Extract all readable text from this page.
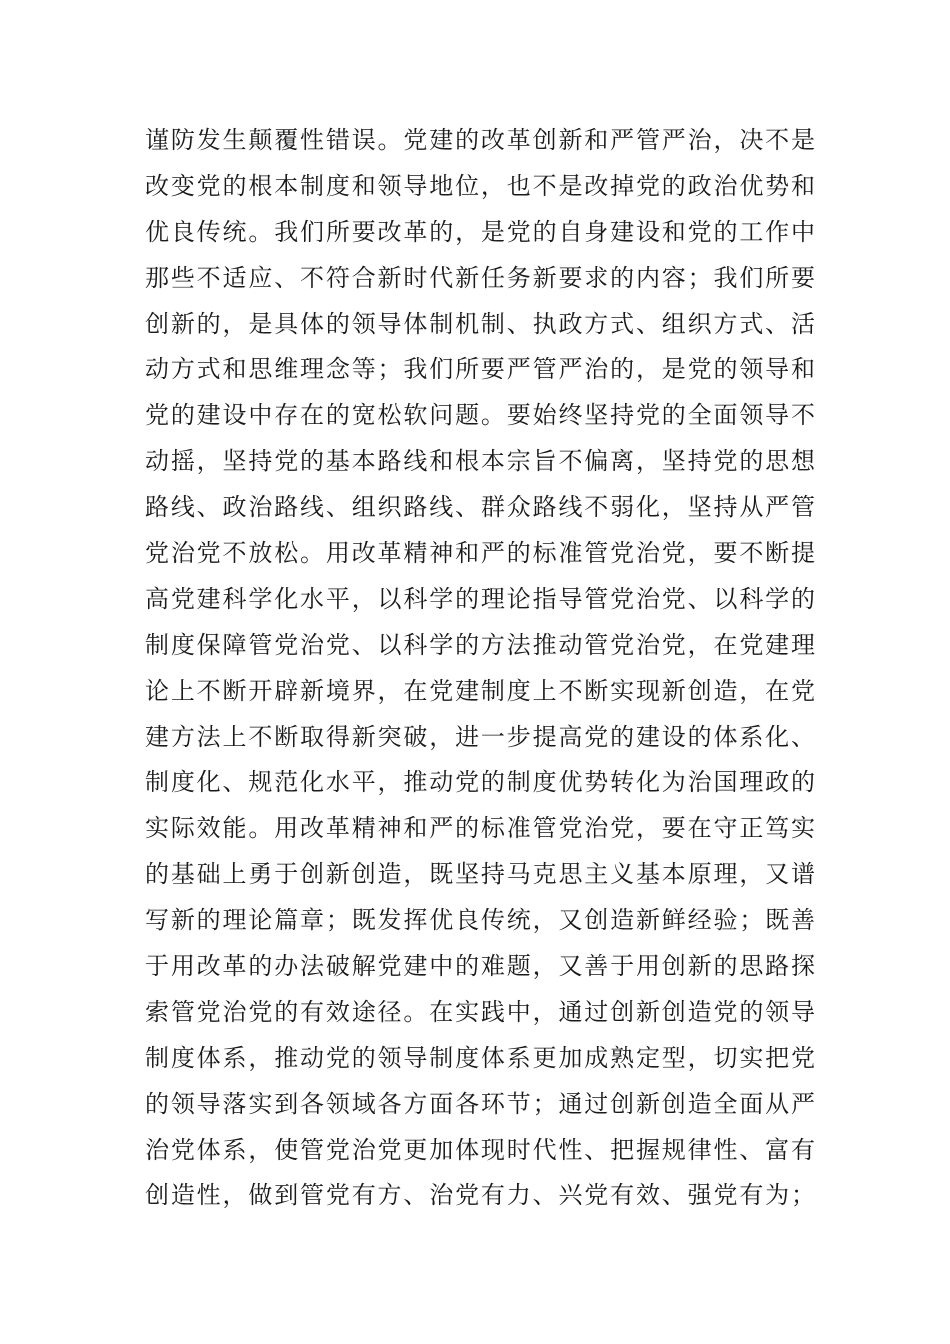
谨防发生颠覆性错误。党建的改革创新和严管严治，决不是
改变党的根本制度和领导地位，也不是改掉党的政治优势和
优良传统。我们所要改革的，是党的自身建设和党的工作中
那些不适应、不符合新时代新任务新要求的内容；我们所要
创新的，是具体的领导体制机制、执政方式、组织方式、活
动方式和思维理念等；我们所要严管严治的，是党的领导和
党的建设中存在的宽松软问题。要始终坚持党的全面领导不
动摇，坚持党的基本路线和根本宗旨不偏离，坚持党的思想
路线、政治路线、组织路线、群众路线不弱化，坚持从严管
党治党不放松。用改革精神和严的标准管党治党，要不断提
高党建科学化水平，以科学的理论指导管党治党、以科学的
制度保障管党治党、以科学的方法推动管党治党，在党建理
论上不断开辟新境界，在党建制度上不断实现新创造，在党
建方法上不断取得新突破，进一步提高党的建设的体系化、
制度化、规范化水平，推动党的制度优势转化为治国理政的
实际效能。用改革精神和严的标准管党治党，要在守正笃实
的基础上勇于创新创造，既坚持马克思主义基本原理，又谱
写新的理论篇章；既发挥优良传统，又创造新鲜经验；既善
于用改革的办法破解党建中的难题，又善于用创新的思路探
索管党治党的有效途径。在实践中，通过创新创造党的领导
制度体系，推动党的领导制度体系更加成熟定型，切实把党
的领导落实到各领域各方面各环节；通过创新创造全面从严
治党体系，使管党治党更加体现时代性、把握规律性、富有
创造性，做到管党有方、治党有力、兴党有效、强党有为；
